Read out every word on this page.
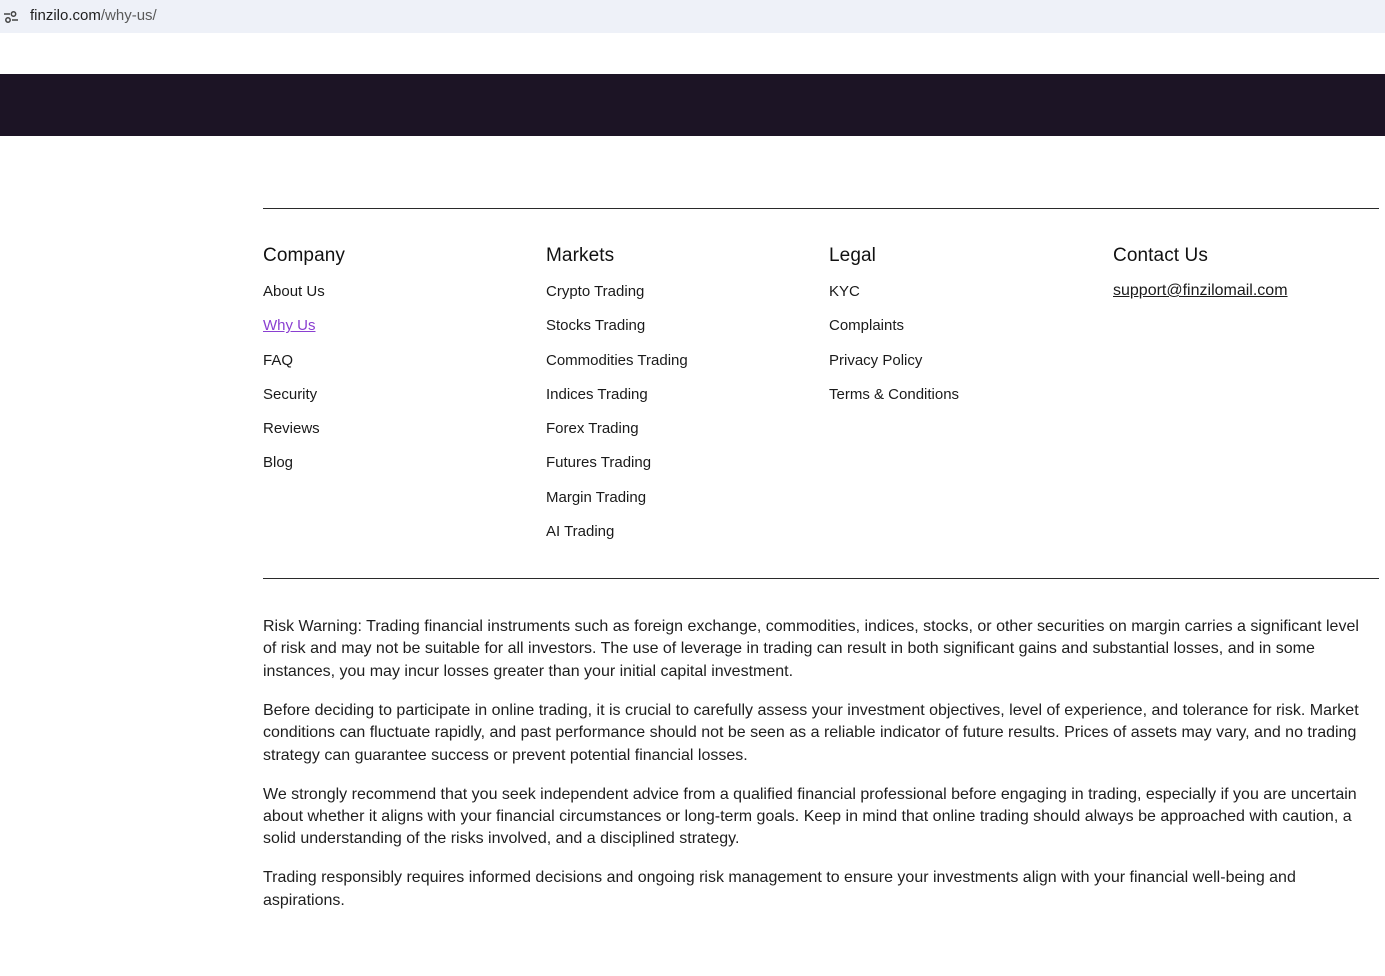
finzilo.com/why-us/
Company
About Us
Why Us
FAQ
Security
Reviews
Blog
Markets
Crypto Trading
Stocks Trading
Commodities Trading
Indices Trading
Forex Trading
Futures Trading
Margin Trading
AI Trading
Legal
KYC
Complaints
Privacy Policy
Terms & Conditions
Contact Us
support@finzilomail.com

Risk Warning: Trading financial instruments such as foreign exchange, commodities, indices, stocks, or other securities on margin carries a significant level of risk and may not be suitable for all investors. The use of leverage in trading can result in both significant gains and substantial losses, and in some instances, you may incur losses greater than your initial capital investment.

Before deciding to participate in online trading, it is crucial to carefully assess your investment objectives, level of experience, and tolerance for risk. Market conditions can fluctuate rapidly, and past performance should not be seen as a reliable indicator of future results. Prices of assets may vary, and no trading strategy can guarantee success or prevent potential financial losses.

We strongly recommend that you seek independent advice from a qualified financial professional before engaging in trading, especially if you are uncertain about whether it aligns with your financial circumstances or long-term goals. Keep in mind that online trading should always be approached with caution, a solid understanding of the risks involved, and a disciplined strategy.

Trading responsibly requires informed decisions and ongoing risk management to ensure your investments align with your financial well-being and aspirations.
